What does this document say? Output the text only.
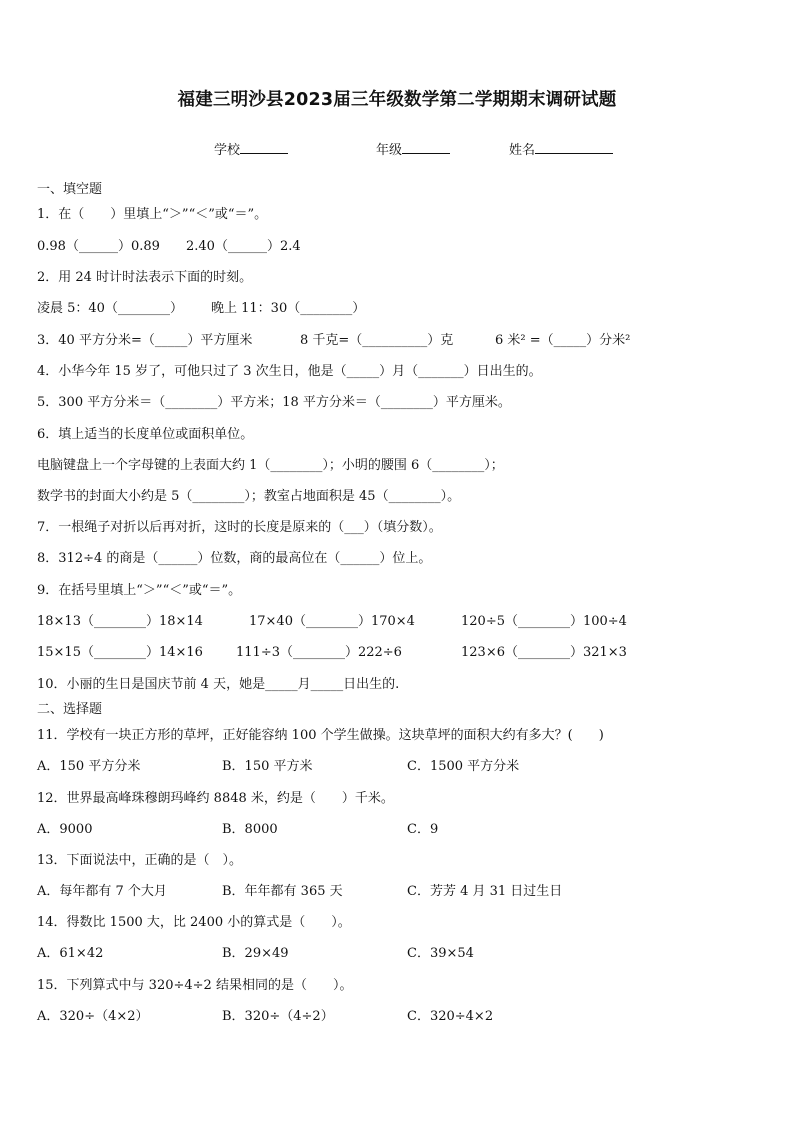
福建三明沙县2023届三年级数学第二学期期末调研试题
学校	年级	姓名
一、填空题
1．在（　　）里填上“＞”“＜”或“＝”。
0.98（______）0.89 2.40（______）2.4
2．用 24 时计时法表示下面的时刻。
凌晨 5：40（________） 晚上 11：30（________）
3．40 平方分米=（_____）平方厘米	8 千克=（__________）克	6 米² =（_____）分米²
4．小华今年 15 岁了，可他只过了 3 次生日，他是（_____）月（_______）日出生的。
5．300 平方分米＝（________）平方米；18 平方分米＝（________）平方厘米。
6．填上适当的长度单位或面积单位。
电脑键盘上一个字母键的上表面大约 1（________）；小明的腰围 6（________）；
数学书的封面大小约是 5（________）；教室占地面积是 45（________）。
7．一根绳子对折以后再对折，这时的长度是原来的（___）（填分数）。
8．312÷4 的商是（______）位数，商的最高位在（______）位上。
9．在括号里填上“＞”“＜”或“＝”。
18×13（________）18×14	17×40（________）170×4	120÷5（________）100÷4
15×15（________）14×16	111÷3（________）222÷6	123×6（________）321×3
10．小丽的生日是国庆节前 4 天，她是_____月_____日出生的.
二、选择题
11．学校有一块正方形的草坪，正好能容纳 100 个学生做操。这块草坪的面积大约有多大？(　　)
A．150 平方分米	B．150 平方米	C．1500 平方分米
12．世界最高峰珠穆朗玛峰约 8848 米，约是（　　）千米。
A．9000	B．8000	C．9
13．下面说法中，正确的是（　）。
A．每年都有 7 个大月	B．年年都有 365 天	C．芳芳 4 月 31 日过生日
14．得数比 1500 大，比 2400 小的算式是（　　）。
A．61×42	B．29×49	C．39×54
15．下列算式中与 320÷4÷2 结果相同的是（　　）。
A．320÷（4×2）	B．320÷（4÷2）	C．320÷4×2
